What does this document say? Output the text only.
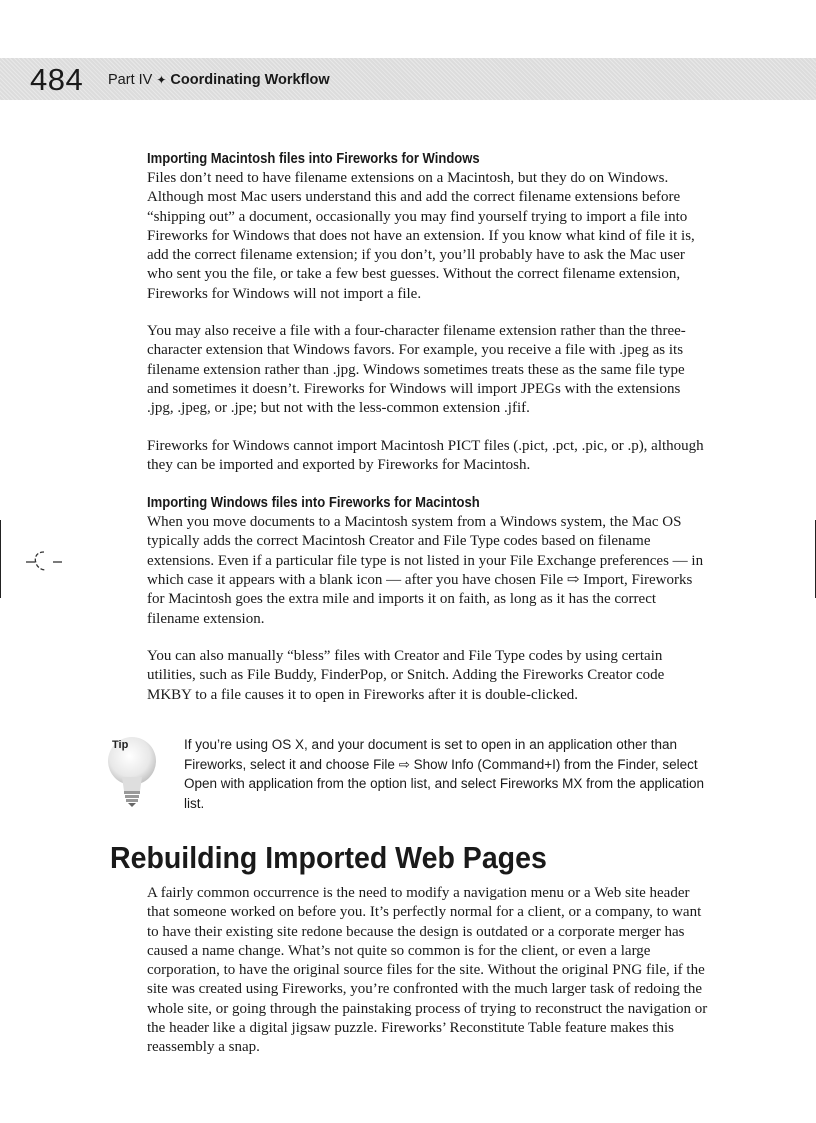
484 Part IV ✦ Coordinating Workflow
Importing Macintosh files into Fireworks for Windows

Files don’t need to have filename extensions on a Macintosh, but they do on Windows. Although most Mac users understand this and add the correct filename extensions before “shipping out” a document, occasionally you may find yourself trying to import a file into Fireworks for Windows that does not have an extension. If you know what kind of file it is, add the correct filename extension; if you don’t, you’ll probably have to ask the Mac user who sent you the file, or take a few best guesses. Without the correct filename extension, Fireworks for Windows will not import a file.

You may also receive a file with a four-character filename extension rather than the three-character extension that Windows favors. For example, you receive a file with .jpeg as its filename extension rather than .jpg. Windows sometimes treats these as the same file type and sometimes it doesn’t. Fireworks for Windows will import JPEGs with the extensions .jpg, .jpeg, or .jpe; but not with the less-common extension .jfif.

Fireworks for Windows cannot import Macintosh PICT files (.pict, .pct, .pic, or .p), although they can be imported and exported by Fireworks for Macintosh.

Importing Windows files into Fireworks for Macintosh

When you move documents to a Macintosh system from a Windows system, the Mac OS typically adds the correct Macintosh Creator and File Type codes based on filename extensions. Even if a particular file type is not listed in your File Exchange preferences — in which case it appears with a blank icon — after you have chosen File ⇨ Import, Fireworks for Macintosh goes the extra mile and imports it on faith, as long as it has the correct filename extension.

You can also manually “bless” files with Creator and File Type codes by using certain utilities, such as File Buddy, FinderPop, or Snitch. Adding the Fireworks Creator code MKBY to a file causes it to open in Fireworks after it is double-clicked.

Tip	If you’re using OS X, and your document is set to open in an application other than Fireworks, select it and choose File ⇨ Show Info (Command+I) from the Finder, select Open with application from the option list, and select Fireworks MX from the application list.

Rebuilding Imported Web Pages

A fairly common occurrence is the need to modify a navigation menu or a Web site header that someone worked on before you. It’s perfectly normal for a client, or a company, to want to have their existing site redone because the design is outdated or a corporate merger has caused a name change. What’s not quite so common is for the client, or even a large corporation, to have the original source files for the site. Without the original PNG file, if the site was created using Fireworks, you’re confronted with the much larger task of redoing the whole site, or going through the painstaking process of trying to reconstruct the navigation or the header like a digital jigsaw puzzle. Fireworks’ Reconstitute Table feature makes this reassembly a snap.
